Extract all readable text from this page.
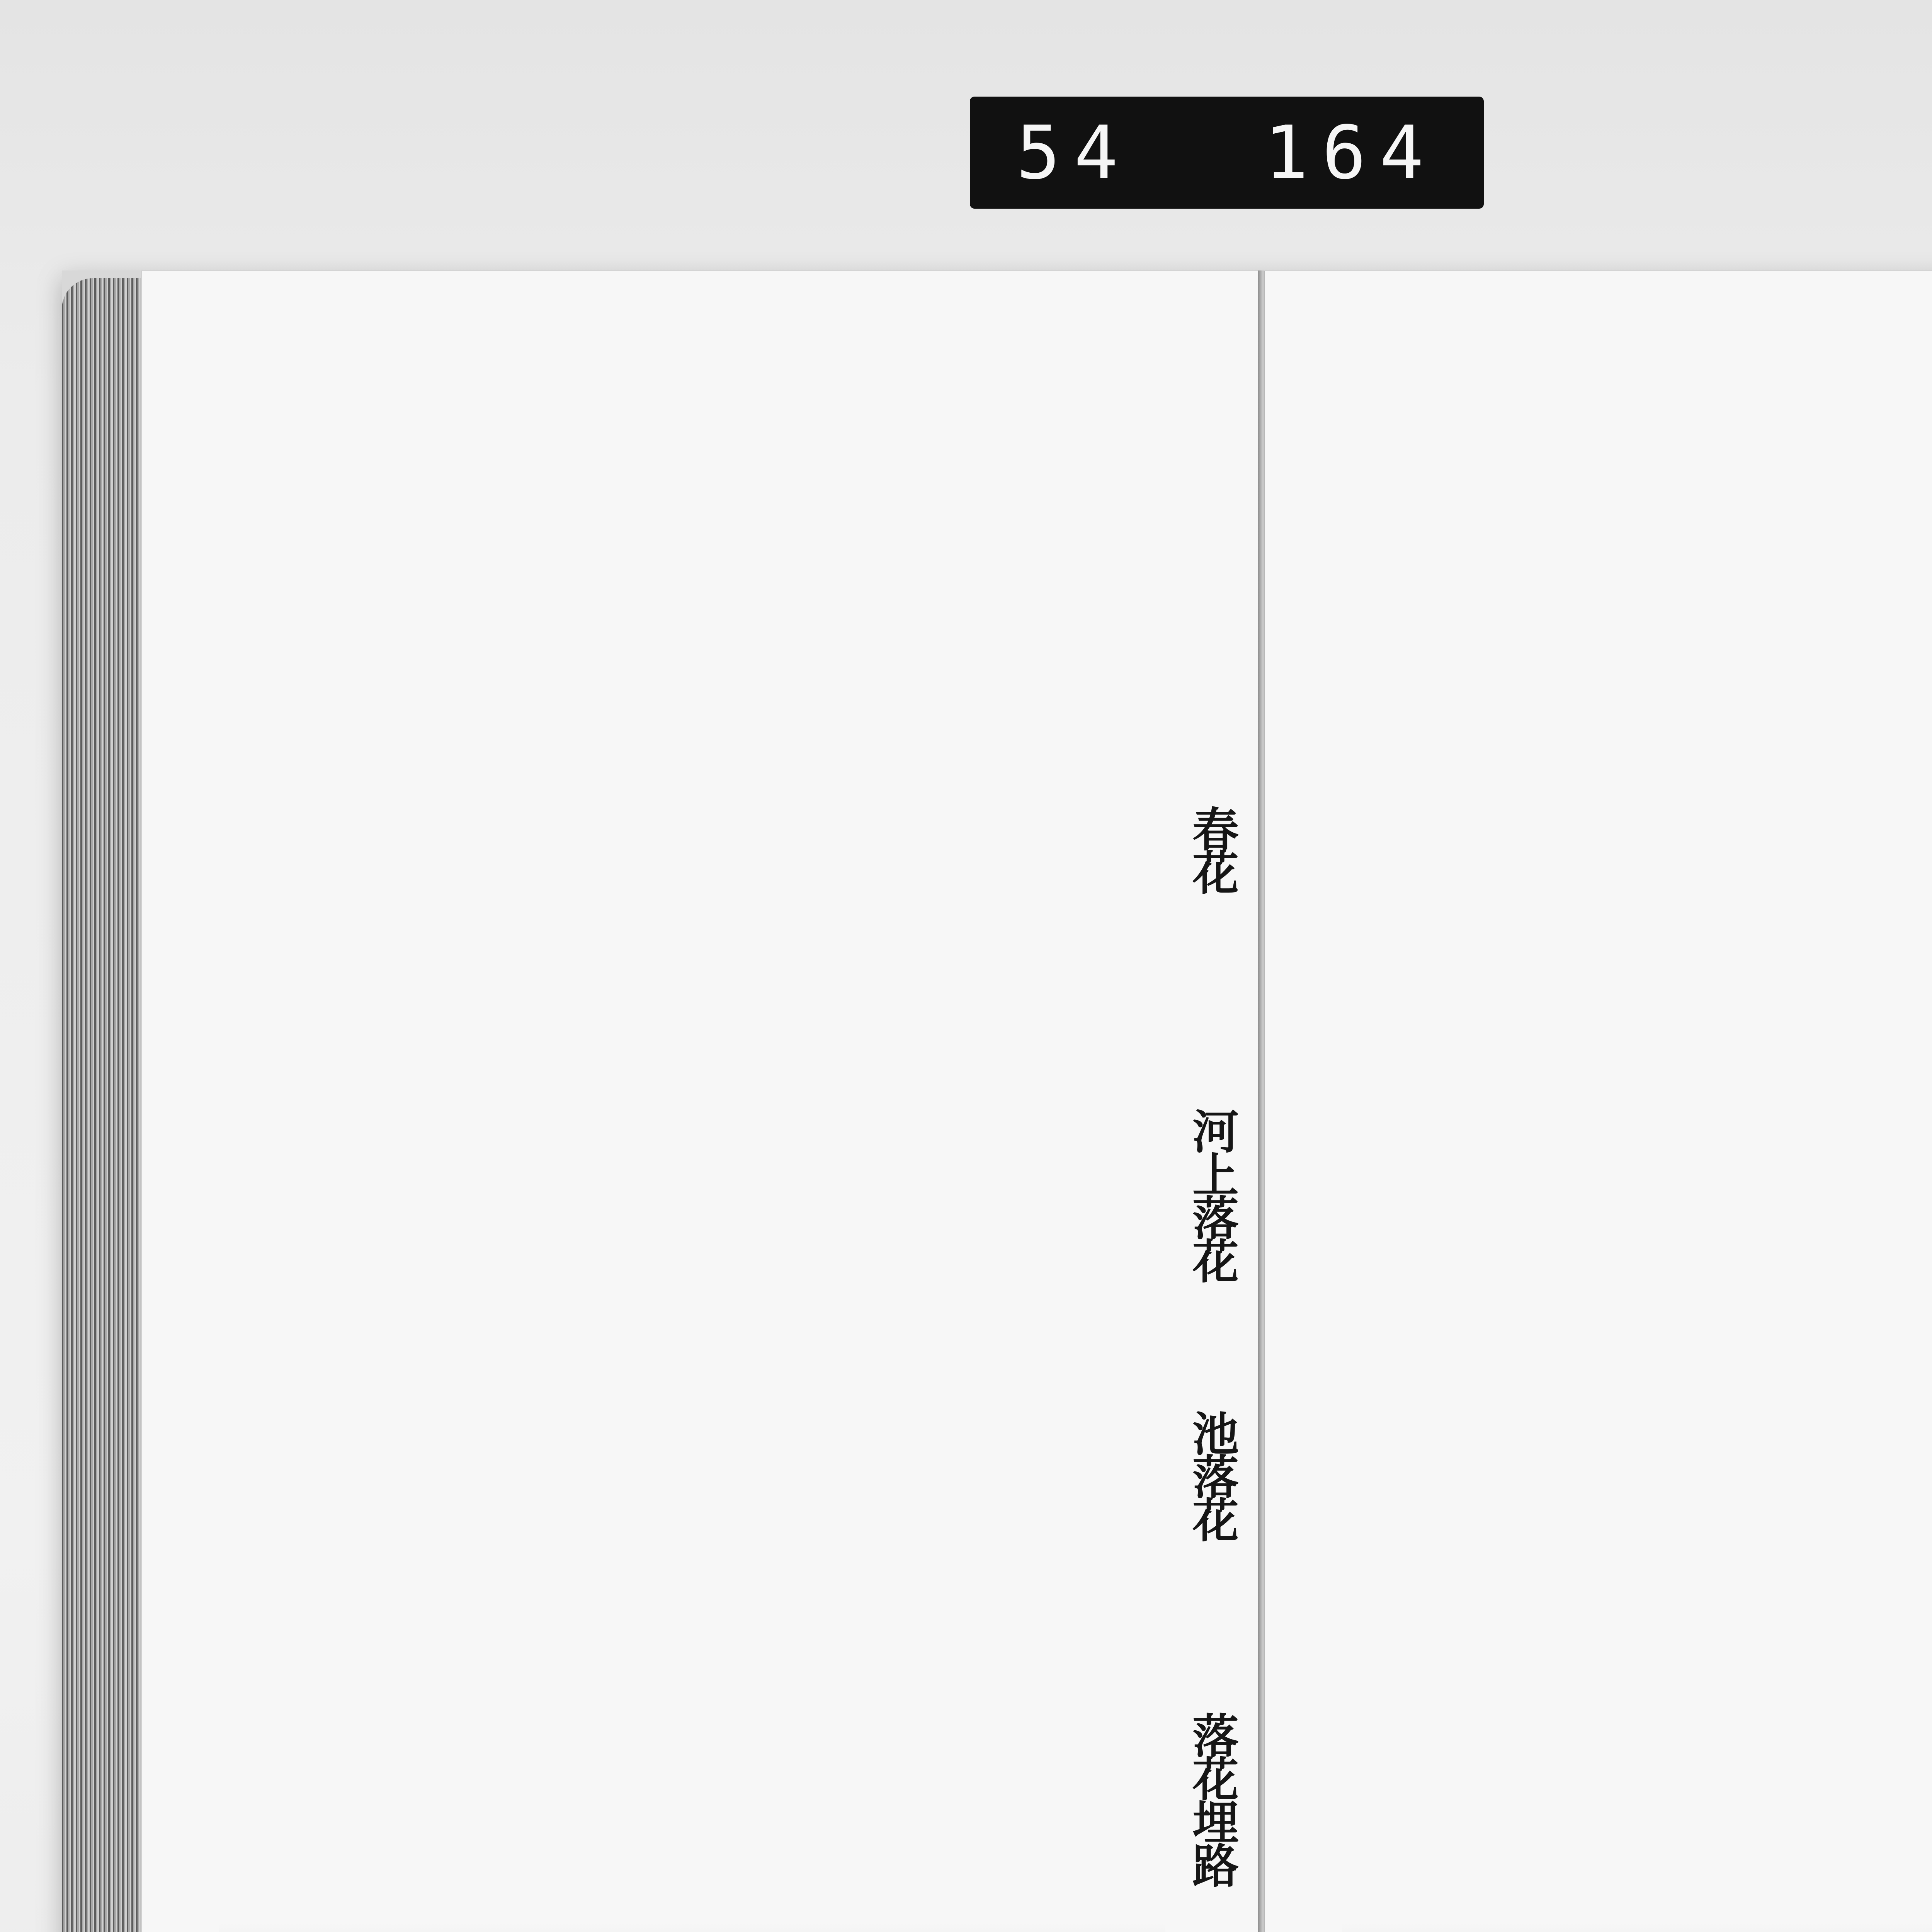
54 164
春花
河上落花
池落花
落花埋路
